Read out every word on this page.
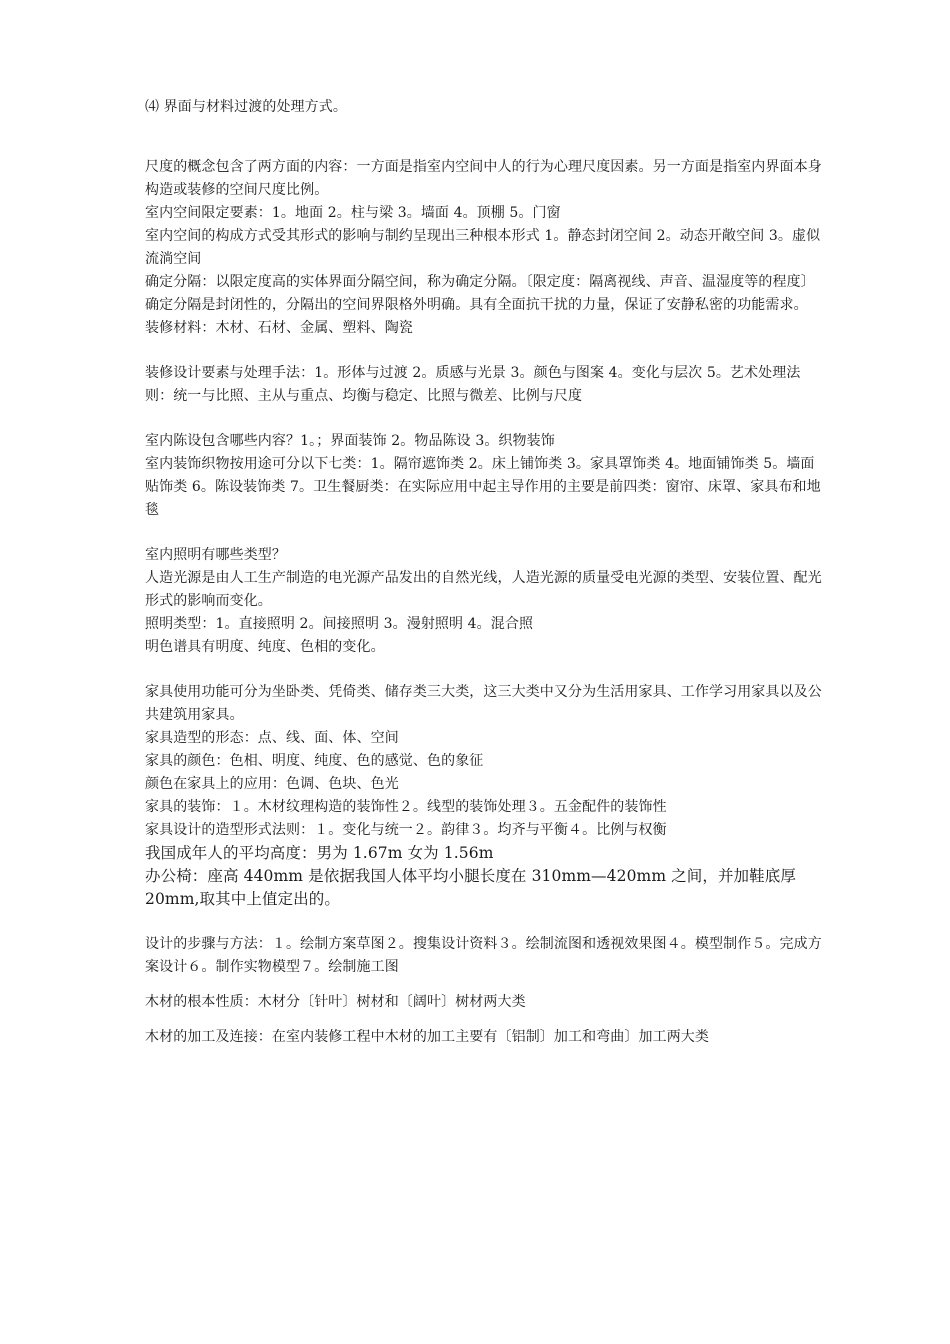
⑷ 界面与材料过渡的处理方式。

尺度的概念包含了两方面的内容：一方面是指室内空间中人的行为心理尺度因素。另一方面是指室内界面本身构造或装修的空间尺度比例。

室内空间限定要素：1。地面 2。柱与梁 3。墙面 4。顶棚 5。门窗

室内空间的构成方式受其形式的影响与制约呈现出三种根本形式 1。静态封闭空间 2。动态开敞空间 3。虚似流淌空间

确定分隔：以限定度高的实体界面分隔空间，称为确定分隔。〔限定度：隔离视线、声音、温湿度等的程度〕确定分隔是封闭性的，分隔出的空间界限格外明确。具有全面抗干扰的力量，保证了安静私密的功能需求。

装修材料：木材、石材、金属、塑料、陶瓷

装修设计要素与处理手法：1。形体与过渡 2。质感与光景 3。颜色与图案 4。变化与层次 5。艺术处理法则：统一与比照、主从与重点、均衡与稳定、比照与微差、比例与尺度

室内陈设包含哪些内容？1。；界面装饰 2。物品陈设 3。织物装饰

室内装饰织物按用途可分以下七类：1。隔帘遮饰类 2。床上铺饰类 3。家具罩饰类 4。地面铺饰类 5。墙面贴饰类 6。陈设装饰类 7。卫生餐厨类：在实际应用中起主导作用的主要是前四类：窗帘、床罩、家具布和地毯

室内照明有哪些类型？

人造光源是由人工生产制造的电光源产品发出的自然光线，人造光源的质量受电光源的类型、安装位置、配光形式的影响而变化。

照明类型：1。直接照明 2。间接照明 3。漫射照明 4。混合照

明色谱具有明度、纯度、色相的变化。

家具使用功能可分为坐卧类、凭倚类、储存类三大类，这三大类中又分为生活用家具、工作学习用家具以及公共建筑用家具。

家具造型的形态：点、线、面、体、空间

家具的颜色：色相、明度、纯度、色的感觉、色的象征

颜色在家具上的应用：色调、色块、色光

家具的装饰：１。木材纹理构造的装饰性２。线型的装饰处理３。五金配件的装饰性

家具设计的造型形式法则：１。变化与统一２。韵律３。均齐与平衡４。比例与权衡

我国成年人的平均高度：男为 1.67m 女为 1.56m

办公椅：座高 440mm 是依据我国人体平均小腿长度在 310mm—420mm 之间，并加鞋底厚

20mm,取其中上值定出的。

设计的步骤与方法：１。绘制方案草图２。搜集设计资料３。绘制流图和透视效果图４。模型制作５。完成方案设计６。制作实物模型７。绘制施工图

木材的根本性质：木材分〔针叶〕树材和〔阔叶〕树材两大类

木材的加工及连接：在室内装修工程中木材的加工主要有〔铝制〕加工和弯曲〕加工两大类
